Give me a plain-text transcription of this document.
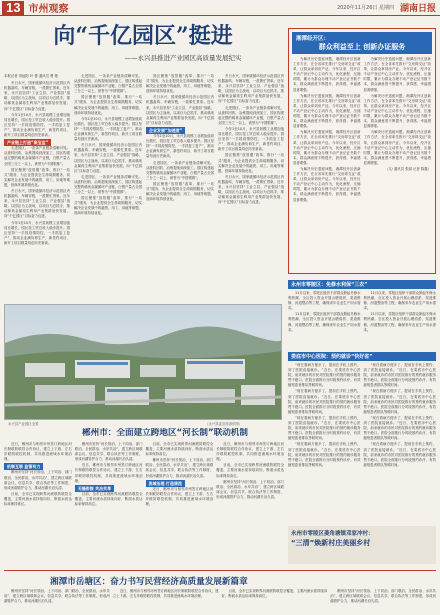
13 市州观察	2020年11月26日 星期四 湖南日报
向“千亿园区”挺进
——永兴县推进产业园区高质量发展纪实
本报记者 刘灿阳 叶 蕾 通讯员 曹 艳

冬日永兴，国家级循环经济示范园区内机器轰鸣、车辆穿梭，一派繁忙景象。近年来，永兴县坚持“工业立县、产业强县”战略，以园区为主战场，以项目为总抓手，推动稀贵金属再生利用产业集群加快发展，向“千亿园区”目标奋力迈进。

今年1至10月，永兴县规模工业增加值同比增长，园区技工贸总收入稳步提升。园区坚持“一手抓疫情防控、一手抓复工复产”，推动企业满负荷生产，新签约项目、新开工项目数量均创历史新高。

产业链上打造“聚宝盆”

走进园区，一条条产业链条清晰可见。从废料回收、冶炼提纯到深加工，园区构建起完整的稀贵金属循环产业链，白银产量占全国三分之一以上，被誉为“中国银都”。

园区聚焦“放管服”改革，推行“一站式”服务，为企业提供全生命周期服务，切实解决企业发展中的融资、用工、用地等难题，营商环境持续优化。

冬日永兴，国家级循环经济示范园区内机器轰鸣、车辆穿梭，一派繁忙景象。近年来，永兴县坚持“工业立县、产业强县”战略，以园区为主战场，以项目为总抓手，推动稀贵金属再生利用产业集群加快发展，向“千亿园区”目标奋力迈进。

今年1至10月，永兴县规模工业增加值同比增长，园区技工贸总收入稳步提升。园区坚持“一手抓疫情防控、一手抓复工复产”，推动企业满负荷生产，新签约项目、新开工项目数量均创历史新高。

走进园区，一条条产业链条清晰可见。从废料回收、冶炼提纯到深加工，园区构建起完整的稀贵金属循环产业链，白银产量占全国三分之一以上，被誉为“中国银都”。

园区聚焦“放管服”改革，推行“一站式”服务，为企业提供全生命周期服务，切实解决企业发展中的融资、用工、用地等难题，营商环境持续优化。

今年1至10月，永兴县规模工业增加值同比增长，园区技工贸总收入稳步提升。园区坚持“一手抓疫情防控、一手抓复工复产”，推动企业满负荷生产，新签约项目、新开工项目数量均创历史新高。

冬日永兴，国家级循环经济示范园区内机器轰鸣、车辆穿梭，一派繁忙景象。近年来，永兴县坚持“工业立县、产业强县”战略，以园区为主战场，以项目为总抓手，推动稀贵金属再生利用产业集群加快发展，向“千亿园区”目标奋力迈进。

走进园区，一条条产业链条清晰可见。从废料回收、冶炼提纯到深加工，园区构建起完整的稀贵金属循环产业链，白银产量占全国三分之一以上，被誉为“中国银都”。

园区聚焦“放管服”改革，推行“一站式”服务，为企业提供全生命周期服务，切实解决企业发展中的融资、用工、用地等难题，营商环境持续优化。

园区聚焦“放管服”改革，推行“一站式”服务，为企业提供全生命周期服务，切实解决企业发展中的融资、用工、用地等难题，营商环境持续优化。

冬日永兴，国家级循环经济示范园区内机器轰鸣、车辆穿梭，一派繁忙景象。近年来，永兴县坚持“工业立县、产业强县”战略，以园区为主战场，以项目为总抓手，推动稀贵金属再生利用产业集群加快发展，向“千亿园区”目标奋力迈进。

企业发展“加速度”

今年1至10月，永兴县规模工业增加值同比增长，园区技工贸总收入稳步提升。园区坚持“一手抓疫情防控、一手抓复工复产”，推动企业满负荷生产，新签约项目、新开工项目数量均创历史新高。

走进园区，一条条产业链条清晰可见。从废料回收、冶炼提纯到深加工，园区构建起完整的稀贵金属循环产业链，白银产量占全国三分之一以上，被誉为“中国银都”。

园区聚焦“放管服”改革，推行“一站式”服务，为企业提供全生命周期服务，切实解决企业发展中的融资、用工、用地等难题，营商环境持续优化。

冬日永兴，国家级循环经济示范园区内机器轰鸣、车辆穿梭，一派繁忙景象。近年来，永兴县坚持“工业立县、产业强县”战略，以园区为主战场，以项目为总抓手，推动稀贵金属再生利用产业集群加快发展，向“千亿园区”目标奋力迈进。

走进园区，一条条产业链条清晰可见。从废料回收、冶炼提纯到深加工，园区构建起完整的稀贵金属循环产业链，白银产量占全国三分之一以上，被誉为“中国银都”。

今年1至10月，永兴县规模工业增加值同比增长，园区技工贸总收入稳步提升。园区坚持“一手抓疫情防控、一手抓复工复产”，推动企业满负荷生产，新签约项目、新开工项目数量均创历史新高。

园区聚焦“放管服”改革，推行“一站式”服务，为企业提供全生命周期服务，切实解决企业发展中的融资、用工、用地等难题，营商环境持续优化。

冬日永兴，国家级循环经济示范园区内机器轰鸣、车辆穿梭，一派繁忙景象。近年来，永兴县坚持“工业立县、产业强县”战略，以园区为主战场，以项目为总抓手，推动稀贵金属再生利用产业集群加快发展，向“千亿园区”目标奋力迈进。

永兴县产业园区全景	（永兴县委宣传部供图）
湘潭经开区：
群众利益至上 创新办证服务

为解决历史遗留问题，湘潭经开区创新工作方法，在全省率先推行“交房即交证”改革，让群众拿到房产证。今年以来，经开区不动产登记中心主动作为，优化流程，压缩时限，累计为群众办理不动产登记证书数千本，群众满意度不断提升，获得感、幸福感显著增强。

为解决历史遗留问题，湘潭经开区创新工作方法，在全省率先推行“交房即交证”改革，让群众拿到房产证。今年以来，经开区不动产登记中心主动作为，优化流程，压缩时限，累计为群众办理不动产登记证书数千本，群众满意度不断提升，获得感、幸福感显著增强。

为解决历史遗留问题，湘潭经开区创新工作方法，在全省率先推行“交房即交证”改革，让群众拿到房产证。今年以来，经开区不动产登记中心主动作为，优化流程，压缩时限，累计为群众办理不动产登记证书数千本，群众满意度不断提升，获得感、幸福感显著增强。

为解决历史遗留问题，湘潭经开区创新工作方法，在全省率先推行“交房即交证”改革，让群众拿到房产证。今年以来，经开区不动产登记中心主动作为，优化流程，压缩时限，累计为群众办理不动产登记证书数千本，群众满意度不断提升，获得感、幸福感显著增强。

为解决历史遗留问题，湘潭经开区创新工作方法，在全省率先推行“交房即交证”改革，让群众拿到房产证。今年以来，经开区不动产登记中心主动作为，优化流程，压缩时限，累计为群众办理不动产登记证书数千本，群众满意度不断提升，获得感、幸福感显著增强。

为解决历史遗留问题，湘潭经开区创新工作方法，在全省率先推行“交房即交证”改革，让群众拿到房产证。今年以来，经开区不动产登记中心主动作为，优化流程，压缩时限，累计为群众办理不动产登记证书数千本，群众满意度不断提升，获得感、幸福感显著增强。

为解决历史遗留问题，湘潭经开区创新工作方法，在全省率先推行“交房即交证”改革，让群众拿到房产证。今年以来，经开区不动产登记中心主动作为，优化流程，压缩时限，累计为群众办理不动产登记证书数千本，群众满意度不断提升，获得感、幸福感显著增强。

（文/ 通讯员 张丽 记者 陈鑫）
永州市零陵区：免修水利保“三农”

11月以来，零陵区组织干部群众掀起冬修水利热潮，全区投入资金开展山塘清淤、渠道维修、河道整治等工程，确保来年农业生产用水需求。

11月以来，零陵区组织干部群众掀起冬修水利热潮，全区投入资金开展山塘清淤、渠道维修、河道整治等工程，确保来年农业生产用水需求。

11月以来，零陵区组织干部群众掀起冬修水利热潮，全区投入资金开展山塘清淤、渠道维修、河道整治等工程，确保来年农业生产用水需求。

11月以来，零陵区组织干部群众掀起冬修水利热潮，全区投入资金开展山塘清淤、渠道维修、河道整治等工程，确保来年农业生产用水需求。

娄底市中心医院：预约就诊“快好省”

“现在看病方便多了，提前在手机上预约，到了医院直接就诊。”近日，在娄底市中心医院，前来就诊的市民对医院推行的预约就诊服务赞不绝口。医院全面推行分时段预约诊疗，有效缩短患者排队等候时间。

“现在看病方便多了，提前在手机上预约，到了医院直接就诊。”近日，在娄底市中心医院，前来就诊的市民对医院推行的预约就诊服务赞不绝口。医院全面推行分时段预约诊疗，有效缩短患者排队等候时间。

“现在看病方便多了，提前在手机上预约，到了医院直接就诊。”近日，在娄底市中心医院，前来就诊的市民对医院推行的预约就诊服务赞不绝口。医院全面推行分时段预约诊疗，有效缩短患者排队等候时间。

“现在看病方便多了，提前在手机上预约，到了医院直接就诊。”近日，在娄底市中心医院，前来就诊的市民对医院推行的预约就诊服务赞不绝口。医院全面推行分时段预约诊疗，有效缩短患者排队等候时间。

“现在看病方便多了，提前在手机上预约，到了医院直接就诊。”近日，在娄底市中心医院，前来就诊的市民对医院推行的预约就诊服务赞不绝口。医院全面推行分时段预约诊疗，有效缩短患者排队等候时间。

“现在看病方便多了，提前在手机上预约，到了医院直接就诊。”近日，在娄底市中心医院，前来就诊的市民对医院推行的预约就诊服务赞不绝口。医院全面推行分时段预约诊疗，有效缩短患者排队等候时间。

“现在看病方便多了，提前在手机上预约，到了医院直接就诊。”近日，在娄底市中心医院，前来就诊的市民对医院推行的预约就诊服务赞不绝口。医院全面推行分时段预约诊疗，有效缩短患者排队等候时间。

“现在看病方便多了，提前在手机上预约，到了医院直接就诊。”近日，在娄底市中心医院，前来就诊的市民对医院推行的预约就诊服务赞不绝口。医院全面推行分时段预约诊疗，有效缩短患者排队等候时间。

永州市零陵区菱角塘镇邓家冲村：
“三清”焕新村庄美丽乡村
郴州市：全面建立跨地区“河长制”联动机制

近日，郴州市与相邻市州签订跨地区河长制联防联控合作协议，建立上下游、左右岸联防联控机制，共同推进流域水环境治理。

机制互联 监管有力

郴州市坚持“河长领治、上下同治、部门联治、全民群治、水岸共治”，建立跨区域联席会议、信息共享、联合执法等工作制度，形成河湖管护合力，推动河湖长治久清。

目前，全市已实现跨界河流联防联控全覆盖，主要河流水质持续向好，断面水质达标率保持高位。

郴州市坚持“河长领治、上下同治、部门联治、全民群治、水岸共治”，建立跨区域联席会议、信息共享、联合执法等工作制度，形成河湖管护合力，推动河湖长治久清。

近日，郴州市与相邻市州签订跨地区河长制联防联控合作协议，建立上下游、左右岸联防联控机制，共同推进流域水环境治理。

无缝衔接 共治共享

目前，全市已实现跨界河流联防联控全覆盖，主要河流水质持续向好，断面水质达标率保持高位。

目前，全市已实现跨界河流联防联控全覆盖，主要河流水质持续向好，断面水质达标率保持高位。

郴州市坚持“河长领治、上下同治、部门联治、全民群治、水岸共治”，建立跨区域联席会议、信息共享、联合执法等工作制度，形成河湖管护合力，推动河湖长治久清。

流域治理 打造清流

近日，郴州市与相邻市州签订跨地区河长制联防联控合作协议，建立上下游、左右岸联防联控机制，共同推进流域水环境治理。

近日，郴州市与相邻市州签订跨地区河长制联防联控合作协议，建立上下游、左右岸联防联控机制，共同推进流域水环境治理。

目前，全市已实现跨界河流联防联控全覆盖，主要河流水质持续向好，断面水质达标率保持高位。

郴州市坚持“河长领治、上下同治、部门联治、全民群治、水岸共治”，建立跨区域联席会议、信息共享、联合执法等工作制度，形成河湖管护合力，推动河湖长治久清。

湘潭市岳塘区：奋力书写民营经济高质量发展新篇章

郴州市坚持“河长领治、上下同治、部门联治、全民群治、水岸共治”，建立跨区域联席会议、信息共享、联合执法等工作制度，形成河湖管护合力，推动河湖长治久清。

近日，郴州市与相邻市州签订跨地区河长制联防联控合作协议，建立上下游、左右岸联防联控机制，共同推进流域水环境治理。

目前，全市已实现跨界河流联防联控全覆盖，主要河流水质持续向好，断面水质达标率保持高位。

郴州市坚持“河长领治、上下同治、部门联治、全民群治、水岸共治”，建立跨区域联席会议、信息共享、联合执法等工作制度，形成河湖管护合力，推动河湖长治久清。
